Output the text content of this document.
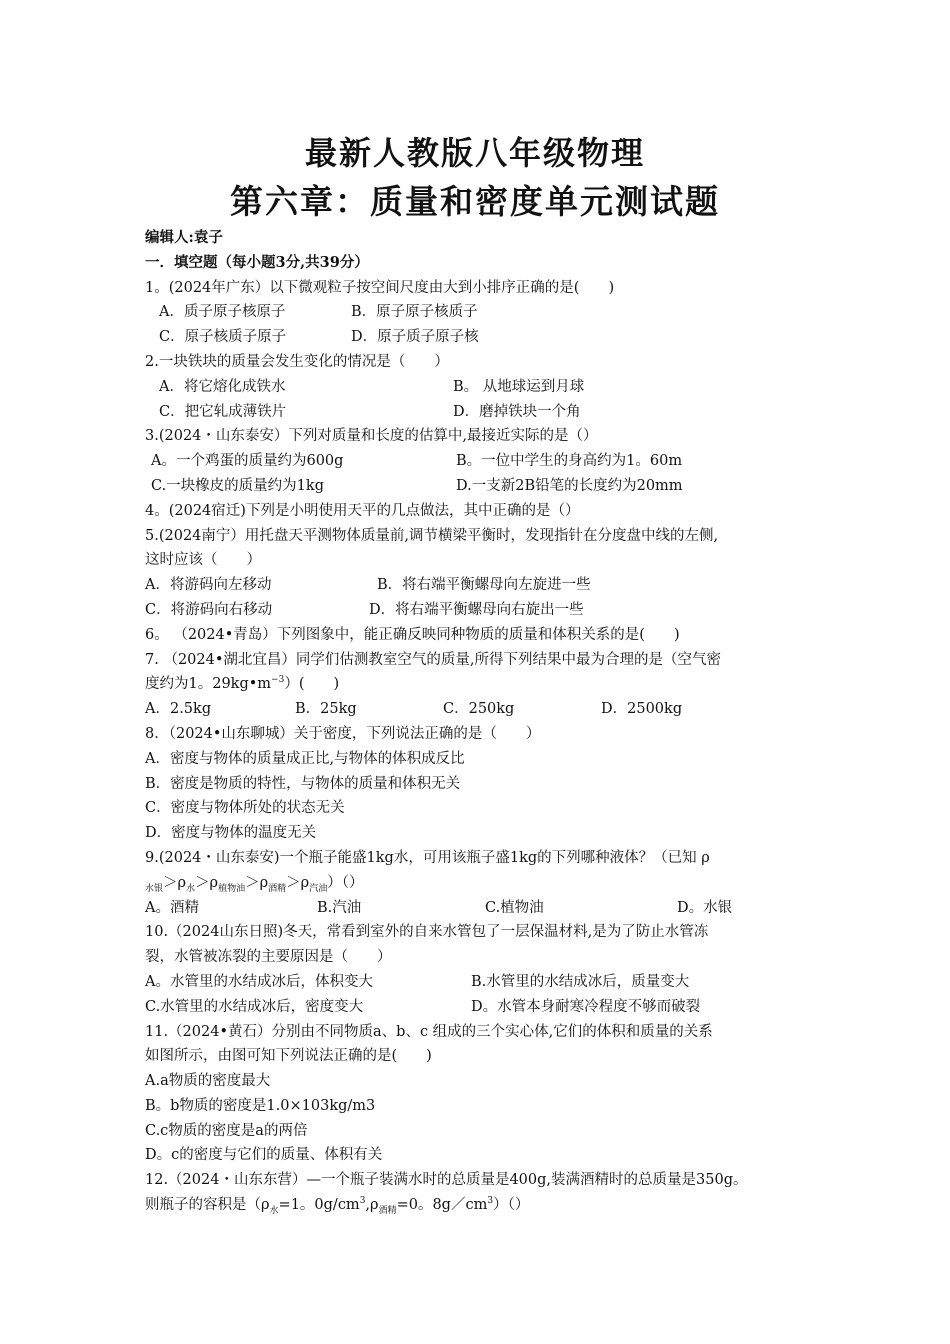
最新人教版八年级物理
第六章：质量和密度单元测试题
编辑人:袁子
一．填空题（每小题3分,共39分）
1。(2024年广东）以下微观粒子按空间尺度由大到小排序正确的是(　　)
A．质子原子核原子	B．原子原子核质子
C．原子核质子原子	D．原子质子原子核
2.一块铁块的质量会发生变化的情况是（　　）
A．将它熔化成铁水	B。 从地球运到月球
C．把它轧成薄铁片	D．磨掉铁块一个角
3.(2024・山东泰安）下列对质量和长度的估算中,最接近实际的是（）
A。一个鸡蛋的质量约为600g	B。一位中学生的身高约为1。60m
C.一块橡皮的质量约为1kg	D.一支新2B铅笔的长度约为20mm
4。(2024宿迁)下列是小明使用天平的几点做法，其中正确的是（）
5.(2024南宁）用托盘天平测物体质量前,调节横梁平衡时，发现指针在分度盘中线的左侧,
这时应该（　　）
A．将游码向左移动	B．将右端平衡螺母向左旋进一些
C．将游码向右移动	D．将右端平衡螺母向右旋出一些
6。 （2024•青岛）下列图象中，能正确反映同种物质的质量和体积关系的是(　　)
7. （2024•湖北宜昌）同学们估测教室空气的质量,所得下列结果中最为合理的是（空气密
度约为1。$29kg•m^{-3}$）(　　)
A．2.5kg	B．25kg	C．250kg	D．2500kg
8．（2024•山东聊城）关于密度，下列说法正确的是（　　）
A．密度与物体的质量成正比,与物体的体积成反比
B．密度是物质的特性，与物体的质量和体积无关
C．密度与物体所处的状态无关
D．密度与物体的温度无关
9.(2024・山东泰安)一个瓶子能盛1kg水，可用该瓶子盛1kg的下列哪种液体？（已知 ρ
$_{水银}>\rho_水>\rho_{植物油}>\rho_{酒精}>\rho_{汽油})()$
A。酒精	B.汽油	C.植物油	D。水银
10.（2024山东日照)冬天，常看到室外的自来水管包了一层保温材料,是为了防止水管冻
裂，水管被冻裂的主要原因是（　　）
A。水管里的水结成冰后，体积变大	B.水管里的水结成冰后，质量变大
C.水管里的水结成冰后，密度变大	D。水管本身耐寒冷程度不够而破裂
11.（2024•黄石）分别由不同物质a、b、c 组成的三个实心体,它们的体积和质量的关系
如图所示，由图可知下列说法正确的是(　　)
A.a物质的密度最大
B。b物质的密度是1.0×103kg/m3
C.c物质的密度是a的两倍
D。c的密度与它们的质量、体积有关
12.（2024・山东东营）—一个瓶子装满水时的总质量是400g,装满酒精时的总质量是350g。
则瓶子的容积是（$\rho_水=1$。$0g/cm^3,\rho_{酒精}=0$。$8g/cm^3)()$
